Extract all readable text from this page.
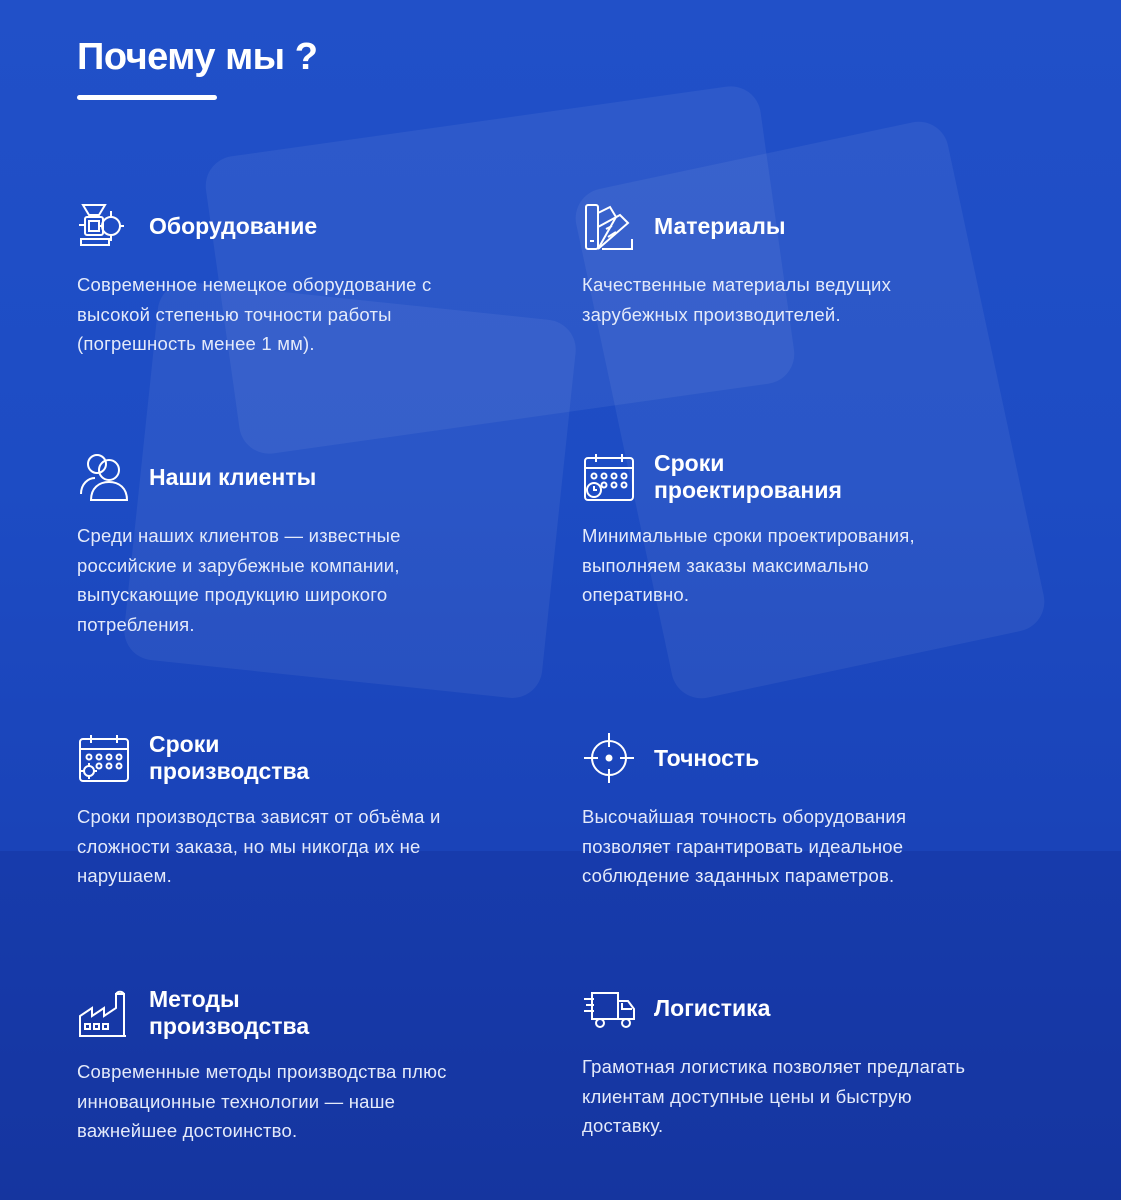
Почему мы ?
Оборудование
Современное немецкое оборудование с
высокой степенью точности работы
(погрешность менее 1 мм).
Материалы
Качественные материалы ведущих
зарубежных производителей.
Наши клиенты
Среди наших клиентов — известные
российские и зарубежные компании,
выпускающие продукцию широкого
потребления.
Сроки
проектирования
Минимальные сроки проектирования,
выполняем заказы максимально
оперативно.
Сроки
производства
Сроки производства зависят от объёма и
сложности заказа, но мы никогда их не
нарушаем.
Точность
Высочайшая точность оборудования
позволяет гарантировать идеальное
соблюдение заданных параметров.
Методы
производства
Современные методы производства плюс
инновационные технологии — наше
важнейшее достоинство.
Логистика
Грамотная логистика позволяет предлагать
клиентам доступные цены и быструю
доставку.
